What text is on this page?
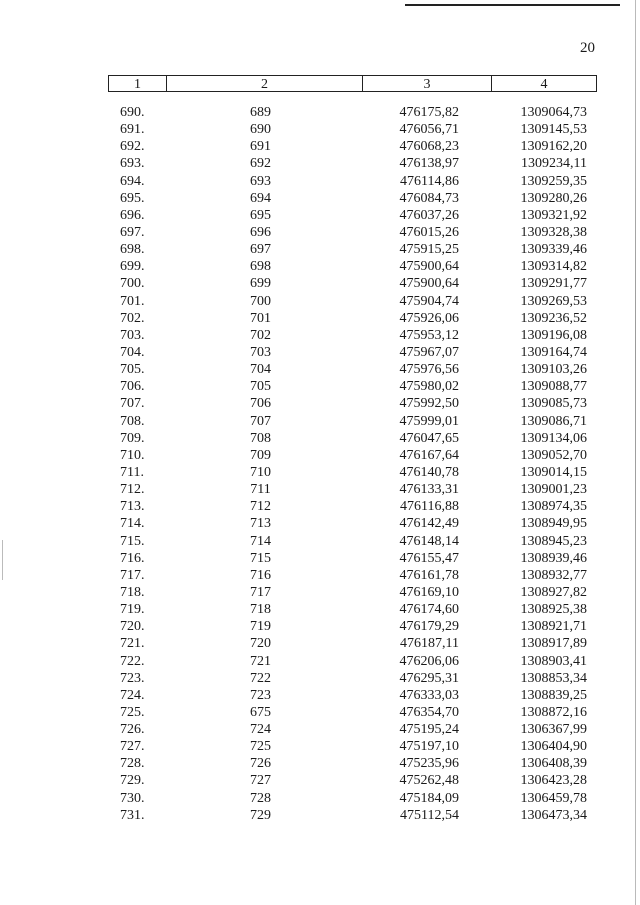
20
1	2	3	4
690.	689	476175,82	1309064,73
691.	690	476056,71	1309145,53
692.	691	476068,23	1309162,20
693.	692	476138,97	1309234,11
694.	693	476114,86	1309259,35
695.	694	476084,73	1309280,26
696.	695	476037,26	1309321,92
697.	696	476015,26	1309328,38
698.	697	475915,25	1309339,46
699.	698	475900,64	1309314,82
700.	699	475900,64	1309291,77
701.	700	475904,74	1309269,53
702.	701	475926,06	1309236,52
703.	702	475953,12	1309196,08
704.	703	475967,07	1309164,74
705.	704	475976,56	1309103,26
706.	705	475980,02	1309088,77
707.	706	475992,50	1309085,73
708.	707	475999,01	1309086,71
709.	708	476047,65	1309134,06
710.	709	476167,64	1309052,70
711.	710	476140,78	1309014,15
712.	711	476133,31	1309001,23
713.	712	476116,88	1308974,35
714.	713	476142,49	1308949,95
715.	714	476148,14	1308945,23
716.	715	476155,47	1308939,46
717.	716	476161,78	1308932,77
718.	717	476169,10	1308927,82
719.	718	476174,60	1308925,38
720.	719	476179,29	1308921,71
721.	720	476187,11	1308917,89
722.	721	476206,06	1308903,41
723.	722	476295,31	1308853,34
724.	723	476333,03	1308839,25
725.	675	476354,70	1308872,16
726.	724	475195,24	1306367,99
727.	725	475197,10	1306404,90
728.	726	475235,96	1306408,39
729.	727	475262,48	1306423,28
730.	728	475184,09	1306459,78
731.	729	475112,54	1306473,34
